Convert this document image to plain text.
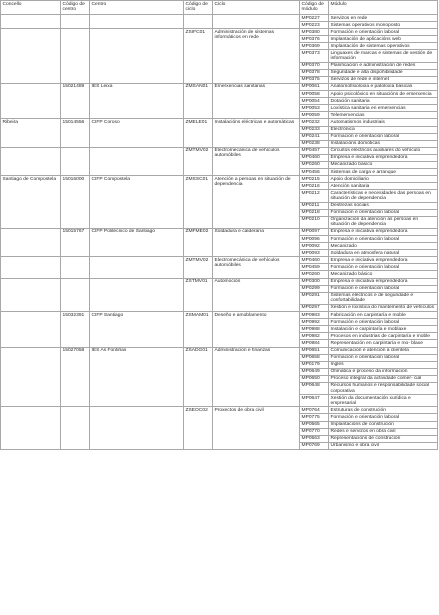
Concello	Código de centro	Centro	Código de ciclo	Ciclo	Código de módulo	Módulo
					MP0227	Servizos en rede
					MP0223	Sistemas operativos monoposto
			ZSIFC01	Administración de sistemas informáticos en rede	MP0380	Formación e orientación laboral
					MP0376	Implantación de aplicacións web
					MP0369	Implantación de sistemas operativos
					MP0373	Linguaxes de marcas e sistemas de xestión de información
					MP0370	Planificación e administración de redes
					MP0378	Seguridade e alta dispoñibilidade
					MP0375	Servizos de rede e internet
	15021489	IES Leixa	ZMSAN01	Emerxencias sanitarias	MP0061	Anatomofisioloxía e patoloxía básicas
					MP0058	Apoio psicolóxico en situacións de emerxencia
					MP0054	Dotación sanitaria
					MP0053	Loxística sanitaria en emerxencias
					MP0059	Telemerxencias
Ribeira	15014556	CIFP Coroso	ZMELE01	Instalacións eléctricas e automáticas	MP0232	Automatismos industriais
					MP0233	Electrónica
					MP0241	Formación e orientación laboral
					MP0238	Instalacións domóticas
			ZMTMV02	Electromecánica de vehículos automóbiles	MP0457	Circuítos eléctricos auxiliares do vehículo
					MP0460	Empresa e iniciativa emprendedora
					MP0260	Mecanizado básico
					MP0456	Sistemas de carga e arranque
Santiago de Compostela	15016000	CIFP Compostela	ZMSSC01	Atención a persoas en situación de dependencia	MP0215	Apoio domiciliario
					MP0216	Atención sanitaria
					MP0212	Características e necesidades das persoas en situación de dependencia
					MP0211	Destrezas sociais
					MP0218	Formación e orientación laboral
					MP0210	Organización da atención ás persoas en situación de dependencia
	15015767	CIFP Politécnico de Santiago	ZMFME02	Soldadura e calderaría	MP0097	Empresa e iniciativa emprendedora
					MP0096	Formación e orientación laboral
					MP0092	Mecanizado
					MP0093	Soldadura en atmosfera natural
			ZMTMV02	Electromecánica de vehículos automóbiles	MP0460	Empresa e iniciativa emprendedora
					MP0459	Formación e orientación laboral
					MP0260	Mecanizado básico
			ZSTMV01	Automoción	MP0300	Empresa e iniciativa emprendedora
					MP0299	Formación e orientación laboral
					MP0291	Sistemas eléctricos e de seguridade e confortabilidade
					MP0297	Xestión e loxística do mantemento de vehículos
	15032391	CIFP Santiago	ZSMAM01	Deseño e amoblamento	MP0983	Fabricación en carpintaría e moble
					MP0992	Formación e orientación laboral
					MP0988	Instalación e carpintaría e moblaxe
					MP0982	Procesos en industrias de carpintaría e moble
					MP0984	Representación en carpintaría e mo- blaxe
	15027058	IES As Fontiñas	ZSADG01	Administración e finanzas	MP0651	Comunicación e atención á clientela
					MP0658	Formación e orientación laboral
					MP0179	Inglés
					MP0649	Ofimática e proceso da información
					MP0650	Proceso integral da actividade comer- cial
					MP0648	Recursos humanos e responsabilidade social corporativa
					MP0647	Xestión da documentación xurídica e empresarial
			ZSEOC02	Proxectos de obra civil	MP0764	Estruturas de construción
					MP0775	Formación e orientación laboral
					MP0565	Implantacións de construción
					MP0770	Redes e servizos en obra civil
					MP0563	Representacións de construción
					MP0769	Urbanismo e obra civil
